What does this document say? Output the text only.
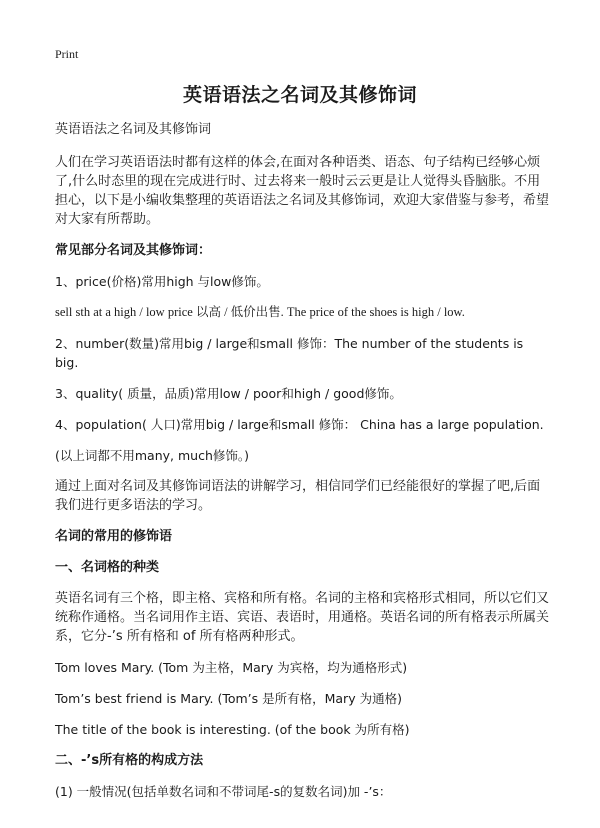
Print
英语语法之名词及其修饰词

英语语法之名词及其修饰词

人们在学习英语语法时都有这样的体会,在面对各种语类、语态、句子结构已经够心烦了,什么时态里的现在完成进行时、过去将来一般时云云更是让人觉得头昏脑胀。不用担心，以下是小编收集整理的英语语法之名词及其修饰词，欢迎大家借鉴与参考，希望对大家有所帮助。

常见部分名词及其修饰词：

1、price(价格)常用high 与low修饰。

sell sth at a high / low price 以高 / 低价出售. The price of the shoes is high / low.

2、number(数量)常用big / large和small 修饰：The number of the students is big.

3、quality( 质量，品质)常用low / poor和high / good修饰。

4、population( 人口)常用big / large和small 修饰： China has a large population.

(以上词都不用many, much修饰。)

通过上面对名词及其修饰词语法的讲解学习，相信同学们已经能很好的掌握了吧,后面我们进行更多语法的学习。

名词的常用的修饰语

一、名词格的种类

英语名词有三个格，即主格、宾格和所有格。名词的主格和宾格形式相同，所以它们又统称作通格。当名词用作主语、宾语、表语时，用通格。英语名词的所有格表示所属关系，它分-’s 所有格和 of 所有格两种形式。

Tom loves Mary. (Tom 为主格，Mary 为宾格，均为通格形式)

Tom’s best friend is Mary. (Tom’s 是所有格，Mary 为通格)

The title of the book is interesting. (of the book 为所有格)

二、-’s所有格的构成方法

(1) 一般情况(包括单数名词和不带词尾-s的复数名词)加 -’s：
